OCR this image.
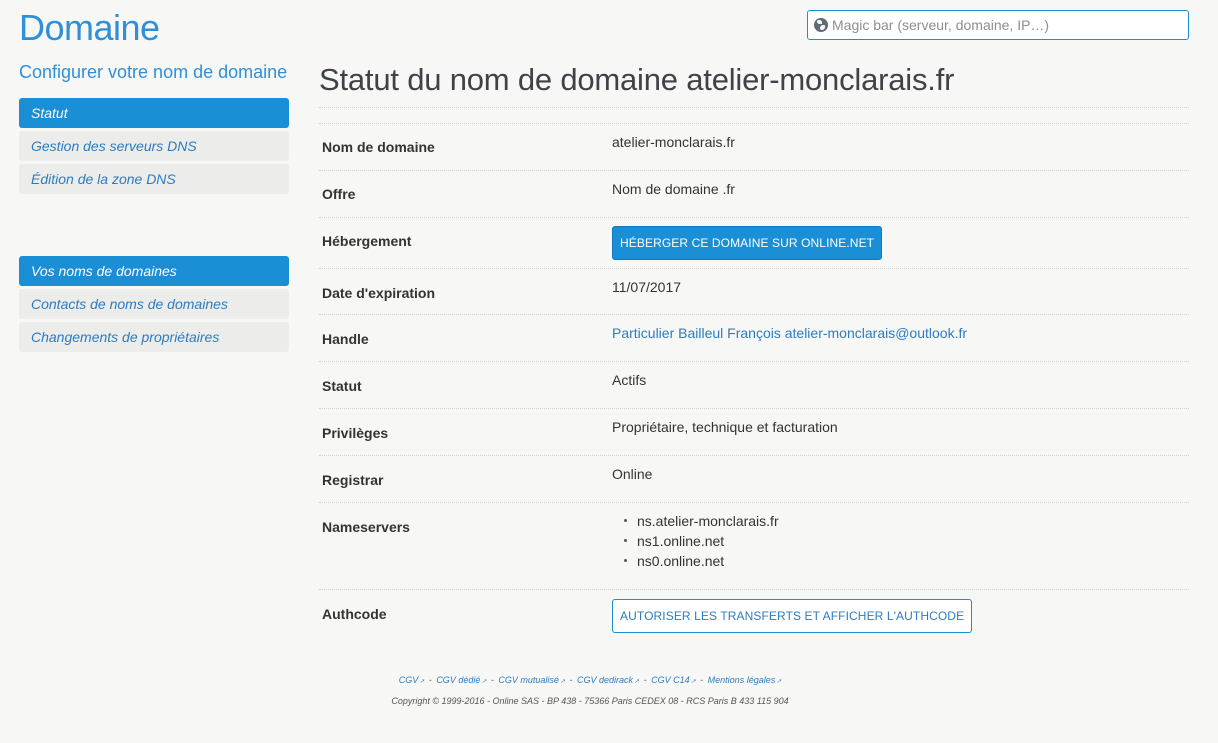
Domaine
Magic bar (serveur, domaine, IP…)
Configurer votre nom de domaine
Statut
Gestion des serveurs DNS
Édition de la zone DNS
Vos noms de domaines
Contacts de noms de domaines
Changements de propriétaires
Statut du nom de domaine atelier-monclarais.fr
Nom de domaine	atelier-monclarais.fr
Offre	Nom de domaine .fr
Hébergement	HÉBERGER CE DOMAINE SUR ONLINE.NET
Date d'expiration	11/07/2017
Handle	Particulier Bailleul François atelier-monclarais@outlook.fr
Statut	Actifs
Privilèges	Propriétaire, technique et facturation
Registrar	Online
Nameservers	ns.atelier-monclarais.fr
ns1.online.net
ns0.online.net
Authcode	AUTORISER LES TRANSFERTS ET AFFICHER L'AUTHCODE
CGV↗ - CGV dédié↗ - CGV mutualisé↗ - CGV dedirack↗ - CGV C14↗ - Mentions légales↗
Copyright © 1999-2016 - Online SAS - BP 438 - 75366 Paris CEDEX 08 - RCS Paris B 433 115 904
